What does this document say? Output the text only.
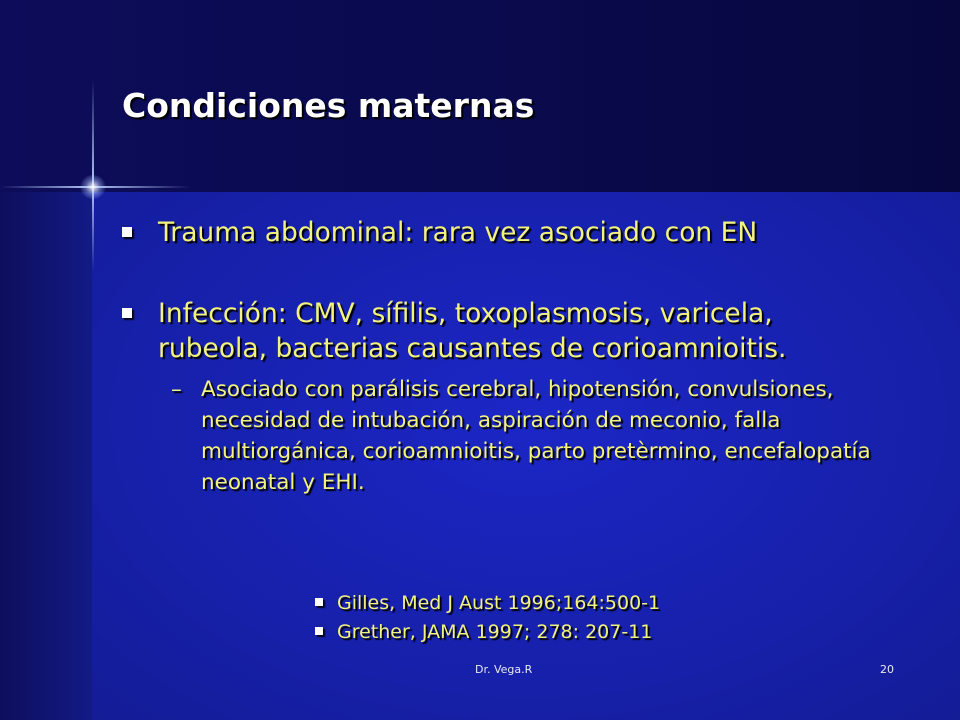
Condiciones maternas
Trauma abdominal: rara vez asociado con EN
Infección: CMV, sífilis, toxoplasmosis, varicela, rubeola, bacterias causantes de corioamnioitis.
– Asociado con parálisis cerebral, hipotensión, convulsiones, necesidad de intubación, aspiración de meconio, falla multiorgánica, corioamnioitis, parto pretèrmino, encefalopatía neonatal y EHI.
Gilles, Med J Aust 1996;164:500-1
Grether, JAMA 1997; 278: 207-11
Dr. Vega.R	20
